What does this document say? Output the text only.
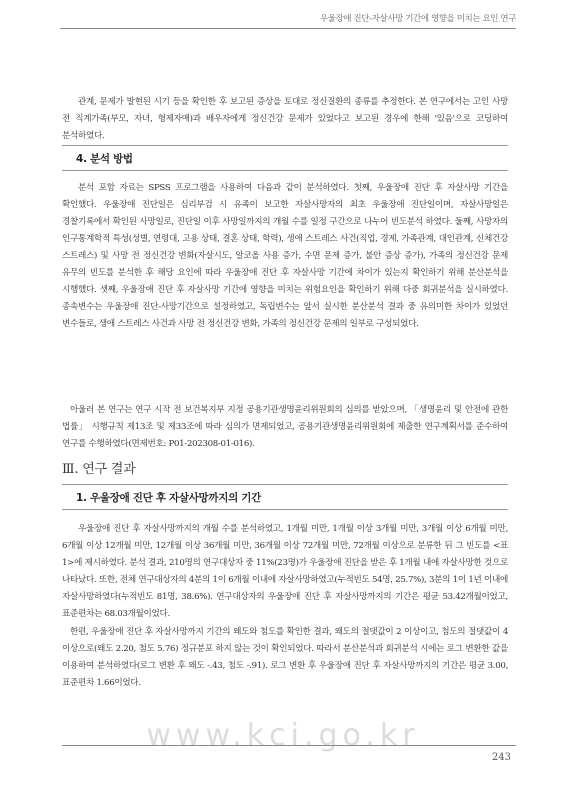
우울장애 진단-자살사망 기간에 영향을 미치는 요인 연구

관계, 문제가 발현된 시기 등을 확인한 후 보고된 증상을 토대로 정신질환의 종류를 추정한다. 본 연구에서는 고인 사망 전 직계가족(부모, 자녀, 형제자매)과 배우자에게 정신건강 문제가 있었다고 보고된 경우에 한해 '있음'으로 코딩하여 분석하였다.

4. 분석 방법

분석 포함 자료는 SPSS 프로그램을 사용하여 다음과 같이 분석하였다. 첫째, 우울장애 진단 후 자살사망 기간을 확인했다. 우울장애 진단일은 심리부검 시 유족이 보고한 자살사망자의 최초 우울장애 진단일이며, 자살사망일은 경찰기록에서 확인된 사망일로, 진단일 이후 사망일까지의 개월 수를 일정 구간으로 나누어 빈도분석 하였다. 둘째, 사망자의 인구통계학적 특성(성별, 연령대, 고용 상태, 결혼 상태, 학력), 생애 스트레스 사건(직업, 경제, 가족관계, 대인관계, 신체건강 스트레스) 및 사망 전 정신건강 변화(자살시도, 알코올 사용 증가, 수면 문제 증가, 불안 증상 증가), 가족의 정신건강 문제 유무의 빈도를 분석한 후 해당 요인에 따라 우울장애 진단 후 자살사망 기간에 차이가 있는지 확인하기 위해 분산분석을 시행했다. 셋째, 우울장애 진단 후 자살사망 기간에 영향을 미치는 위험요인을 확인하기 위해 다중 회귀분석을 실시하였다. 종속변수는 우울장애 진단-사망기간으로 설정하였고, 독립변수는 앞서 실시한 분산분석 결과 중 유의미한 차이가 있었던 변수들로, 생애 스트레스 사건과 사망 전 정신건강 변화, 가족의 정신건강 문제의 일부로 구성되었다.

아울러 본 연구는 연구 시작 전 보건복지부 지정 공용기관생명윤리위원회의 심의를 받았으며, 「생명윤리 및 안전에 관한 법률」 시행규칙 제13조 및 제33조에 따라 심의가 면제되었고, 공용기관생명윤리위원회에 제출한 연구계획서를 준수하여 연구를 수행하였다(면제번호: P01-202308-01-016).

Ⅲ. 연구 결과
1. 우울장애 진단 후 자살사망까지의 기간

우울장애 진단 후 자살사망까지의 개월 수를 분석하였고, 1개월 미만, 1개월 이상 3개월 미만, 3개월 이상 6개월 미만, 6개월 이상 12개월 미만, 12개월 이상 36개월 미만, 36개월 이상 72개월 미만, 72개월 이상으로 분류한 뒤 그 빈도를 <표 1>에 제시하였다. 분석 결과, 210명의 연구대상자 중 11%(23명)가 우울장애 진단을 받은 후 1개월 내에 자살사망한 것으로 나타났다. 또한, 전체 연구대상자의 4분의 1이 6개월 이내에 자살사망하였고(누적빈도 54명, 25.7%), 3분의 1이 1년 이내에 자살사망하였다(누적빈도 81명, 38.6%). 연구대상자의 우울장애 진단 후 자살사망까지의 기간은 평균 53.42개월이었고, 표준편차는 68.03개월이었다.

한편, 우울장애 진단 후 자살사망까지 기간의 왜도와 첨도를 확인한 결과, 왜도의 절댓값이 2 이상이고, 첨도의 절댓값이 4 이상으로(왜도 2.20, 첨도 5.76) 정규분포 하지 않는 것이 확인되었다. 따라서 분산분석과 회귀분석 시에는 로그 변환한 값을 이용하여 분석하였다(로그 변환 후 왜도 -.43, 첨도 -.91). 로그 변환 후 우울장애 진단 후 자살사망까지의 기간은 평균 3.00, 표준편차 1.66이었다.

www.kci.go.kr
243
